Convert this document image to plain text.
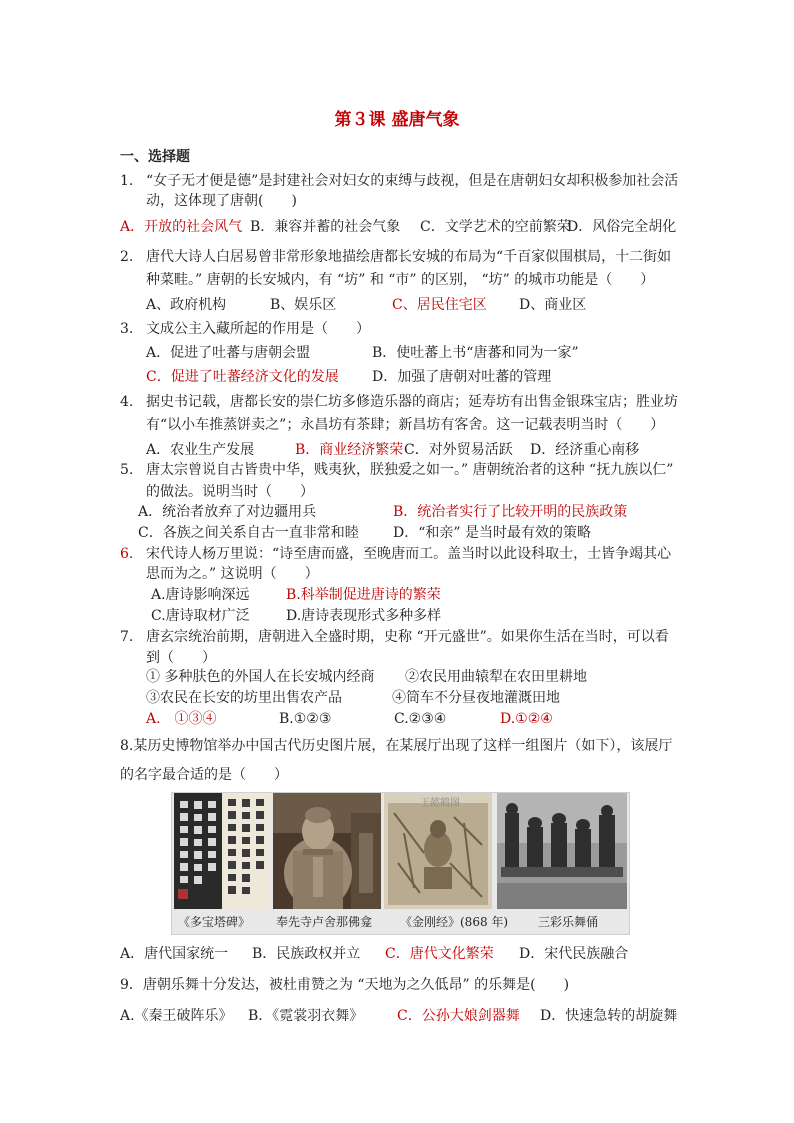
第３课 盛唐气象
一、选择题
1. “女子无才便是德”是封建社会对妇女的束缚与歧视，但是在唐朝妇女却积极参加社会活
动，这体现了唐朝(　　)
A．开放的社会风气 B．兼容并蓄的社会气象 C．文学艺术的空前繁荣
D．风俗完全胡化
2. 唐代大诗人白居易曾非常形象地描绘唐都长安城的布局为“千百家似围棋局，十二街如
种菜畦。” 唐朝的长安城内，有 “坊” 和 “市” 的区别， “坊” 的城市功能是（　　）
A、政府机构	B、娱乐区	C、居民住宅区 D、商业区
3. 文成公主入藏所起的作用是（　　）
A．促进了吐蕃与唐朝会盟	B．使吐蕃上书“唐蕃和同为一家”
C．促进了吐蕃经济文化的发展 D．加强了唐朝对吐蕃的管理
4. 据史书记载，唐都长安的崇仁坊多修造乐器的商店；延寿坊有出售金银珠宝店；胜业坊
有“以小车推蒸饼卖之”；永昌坊有茶肆；新昌坊有客舍。这一记载表明当时（　　）
A．农业生产发展	B．商业经济繁荣 C．对外贸易活跃 D．经济重心南移
5. 唐太宗曾说自古皆贵中华，贱夷狄，朕独爱之如一。” 唐朝统治者的这种 “抚九族以仁”
的做法。说明当时（　　）
A．统治者放弃了对边疆用兵	B．统治者实行了比较开明的民族政策
C．各族之间关系自古一直非常和睦 D．“和亲” 是当时最有效的策略
6. 宋代诗人杨万里说：“诗至唐而盛，至晚唐而工。盖当时以此设科取士，士皆争竭其心
思而为之。” 这说明（　　）
A.唐诗影响深远	B.科举制促进唐诗的繁荣
C.唐诗取材广泛	D.唐诗表现形式多种多样
7. 唐玄宗统治前期，唐朝进入全盛时期，史称 “开元盛世”。如果你生活在当时，可以看
到（　　）
① 多种肤色的外国人在长安城内经商 ②农民用曲辕犁在农田里耕地
③农民在长安的坊里出售农产品	④筒车不分昼夜地灌溉田地
A.　①③④	B.①②③	C.②③④	D.①②④
8.某历史博物馆举办中国古代历史图片展，在某展厅出现了这样一组图片（如下），该展厅
的名字最合适的是（　　）
王懿鹤图
《多宝塔碑》 奉先寺卢舍那佛龛 《金刚经》(868 年) 三彩乐舞俑
A．唐代国家统一 B．民族政权并立 C．唐代文化繁荣 D．宋代民族融合
9．唐朝乐舞十分发达，被杜甫赞之为 “天地为之久低昂” 的乐舞是(　　)
A.《秦王破阵乐》 B．《霓裳羽衣舞》 C．公孙大娘剑器舞 D．快速急转的胡旋舞
